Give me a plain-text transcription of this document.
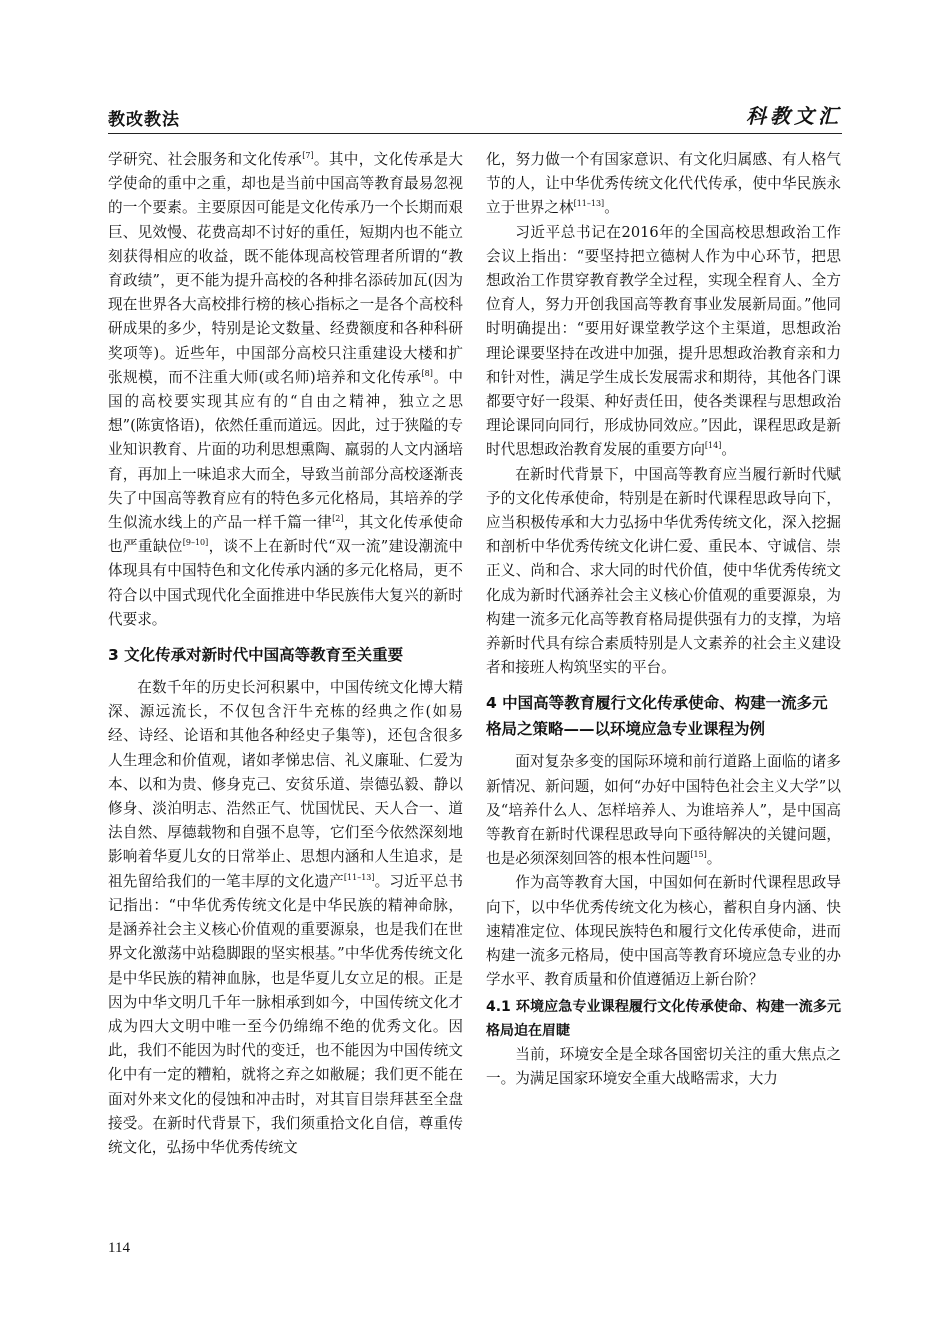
教改教法	科教文汇

学研究、社会服务和文化传承[7]。其中，文化传承是大学使命的重中之重，却也是当前中国高等教育最易忽视的一个要素。主要原因可能是文化传承乃一个长期而艰巨、见效慢、花费高却不讨好的重任，短期内也不能立刻获得相应的收益，既不能体现高校管理者所谓的“教育政绩”，更不能为提升高校的各种排名添砖加瓦(因为现在世界各大高校排行榜的核心指标之一是各个高校科研成果的多少，特别是论文数量、经费额度和各种科研奖项等)。近些年，中国部分高校只注重建设大楼和扩张规模，而不注重大师(或名师)培养和文化传承[8]。中国的高校要实现其应有的“自由之精神，独立之思想”(陈寅恪语)，依然任重而道远。因此，过于狭隘的专业知识教育、片面的功利思想熏陶、羸弱的人文内涵培育，再加上一味追求大而全，导致当前部分高校逐渐丧失了中国高等教育应有的特色多元化格局，其培养的学生似流水线上的产品一样千篇一律[2]，其文化传承使命也严重缺位[9–10]，谈不上在新时代“双一流”建设潮流中体现具有中国特色和文化传承内涵的多元化格局，更不符合以中国式现代化全面推进中华民族伟大复兴的新时代要求。

3 文化传承对新时代中国高等教育至关重要

在数千年的历史长河积累中，中国传统文化博大精深、源远流长，不仅包含汗牛充栋的经典之作(如易经、诗经、论语和其他各种经史子集等)，还包含很多人生理念和价值观，诸如孝悌忠信、礼义廉耻、仁爱为本、以和为贵、修身克己、安贫乐道、崇德弘毅、静以修身、淡泊明志、浩然正气、忧国忧民、天人合一、道法自然、厚德载物和自强不息等，它们至今依然深刻地影响着华夏儿女的日常举止、思想内涵和人生追求，是祖先留给我们的一笔丰厚的文化遗产[11–13]。习近平总书记指出：“中华优秀传统文化是中华民族的精神命脉，是涵养社会主义核心价值观的重要源泉，也是我们在世界文化激荡中站稳脚跟的坚实根基。”中华优秀传统文化是中华民族的精神血脉，也是华夏儿女立足的根。正是因为中华文明几千年一脉相承到如今，中国传统文化才成为四大文明中唯一至今仍绵绵不绝的优秀文化。因此，我们不能因为时代的变迁，也不能因为中国传统文化中有一定的糟粕，就将之弃之如敝屣；我们更不能在面对外来文化的侵蚀和冲击时，对其盲目崇拜甚至全盘接受。在新时代背景下，我们须重拾文化自信，尊重传统文化，弘扬中华优秀传统文

化，努力做一个有国家意识、有文化归属感、有人格气节的人，让中华优秀传统文化代代传承，使中华民族永立于世界之林[11–13]。

习近平总书记在2016年的全国高校思想政治工作会议上指出：“要坚持把立德树人作为中心环节，把思想政治工作贯穿教育教学全过程，实现全程育人、全方位育人，努力开创我国高等教育事业发展新局面。”他同时明确提出：“要用好课堂教学这个主渠道，思想政治理论课要坚持在改进中加强，提升思想政治教育亲和力和针对性，满足学生成长发展需求和期待，其他各门课都要守好一段渠、种好责任田，使各类课程与思想政治理论课同向同行，形成协同效应。”因此，课程思政是新时代思想政治教育发展的重要方向[14]。

在新时代背景下，中国高等教育应当履行新时代赋予的文化传承使命，特别是在新时代课程思政导向下，应当积极传承和大力弘扬中华优秀传统文化，深入挖掘和剖析中华优秀传统文化讲仁爱、重民本、守诚信、崇正义、尚和合、求大同的时代价值，使中华优秀传统文化成为新时代涵养社会主义核心价值观的重要源泉，为构建一流多元化高等教育格局提供强有力的支撑，为培养新时代具有综合素质特别是人文素养的社会主义建设者和接班人构筑坚实的平台。

4 中国高等教育履行文化传承使命、构建一流多元格局之策略——以环境应急专业课程为例

面对复杂多变的国际环境和前行道路上面临的诸多新情况、新问题，如何“办好中国特色社会主义大学”以及“培养什么人、怎样培养人、为谁培养人”，是中国高等教育在新时代课程思政导向下亟待解决的关键问题，也是必须深刻回答的根本性问题[15]。

作为高等教育大国，中国如何在新时代课程思政导向下，以中华优秀传统文化为核心，蓄积自身内涵、快速精准定位、体现民族特色和履行文化传承使命，进而构建一流多元格局，使中国高等教育环境应急专业的办学水平、教育质量和价值遵循迈上新台阶？

4.1 环境应急专业课程履行文化传承使命、构建一流多元格局迫在眉睫

当前，环境安全是全球各国密切关注的重大焦点之一。为满足国家环境安全重大战略需求，大力

114
